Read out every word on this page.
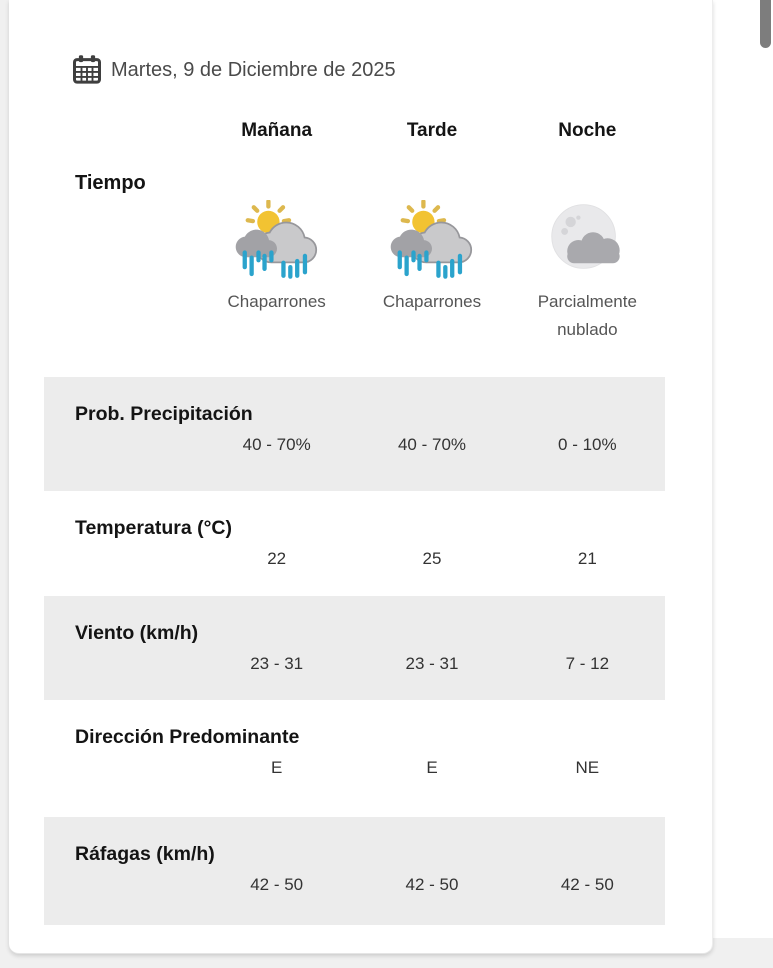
Martes, 9 de Diciembre de 2025
Mañana	Tarde	Noche
Tiempo
Chaparrones	Chaparrones	Parcialmente nublado
Prob. Precipitación
40 - 70%	40 - 70%	0 - 10%
Temperatura (°C)
22	25	21
Viento (km/h)
23 - 31	23 - 31	7 - 12
Dirección Predominante
E	E	NE
Ráfagas (km/h)
42 - 50	42 - 50	42 - 50
